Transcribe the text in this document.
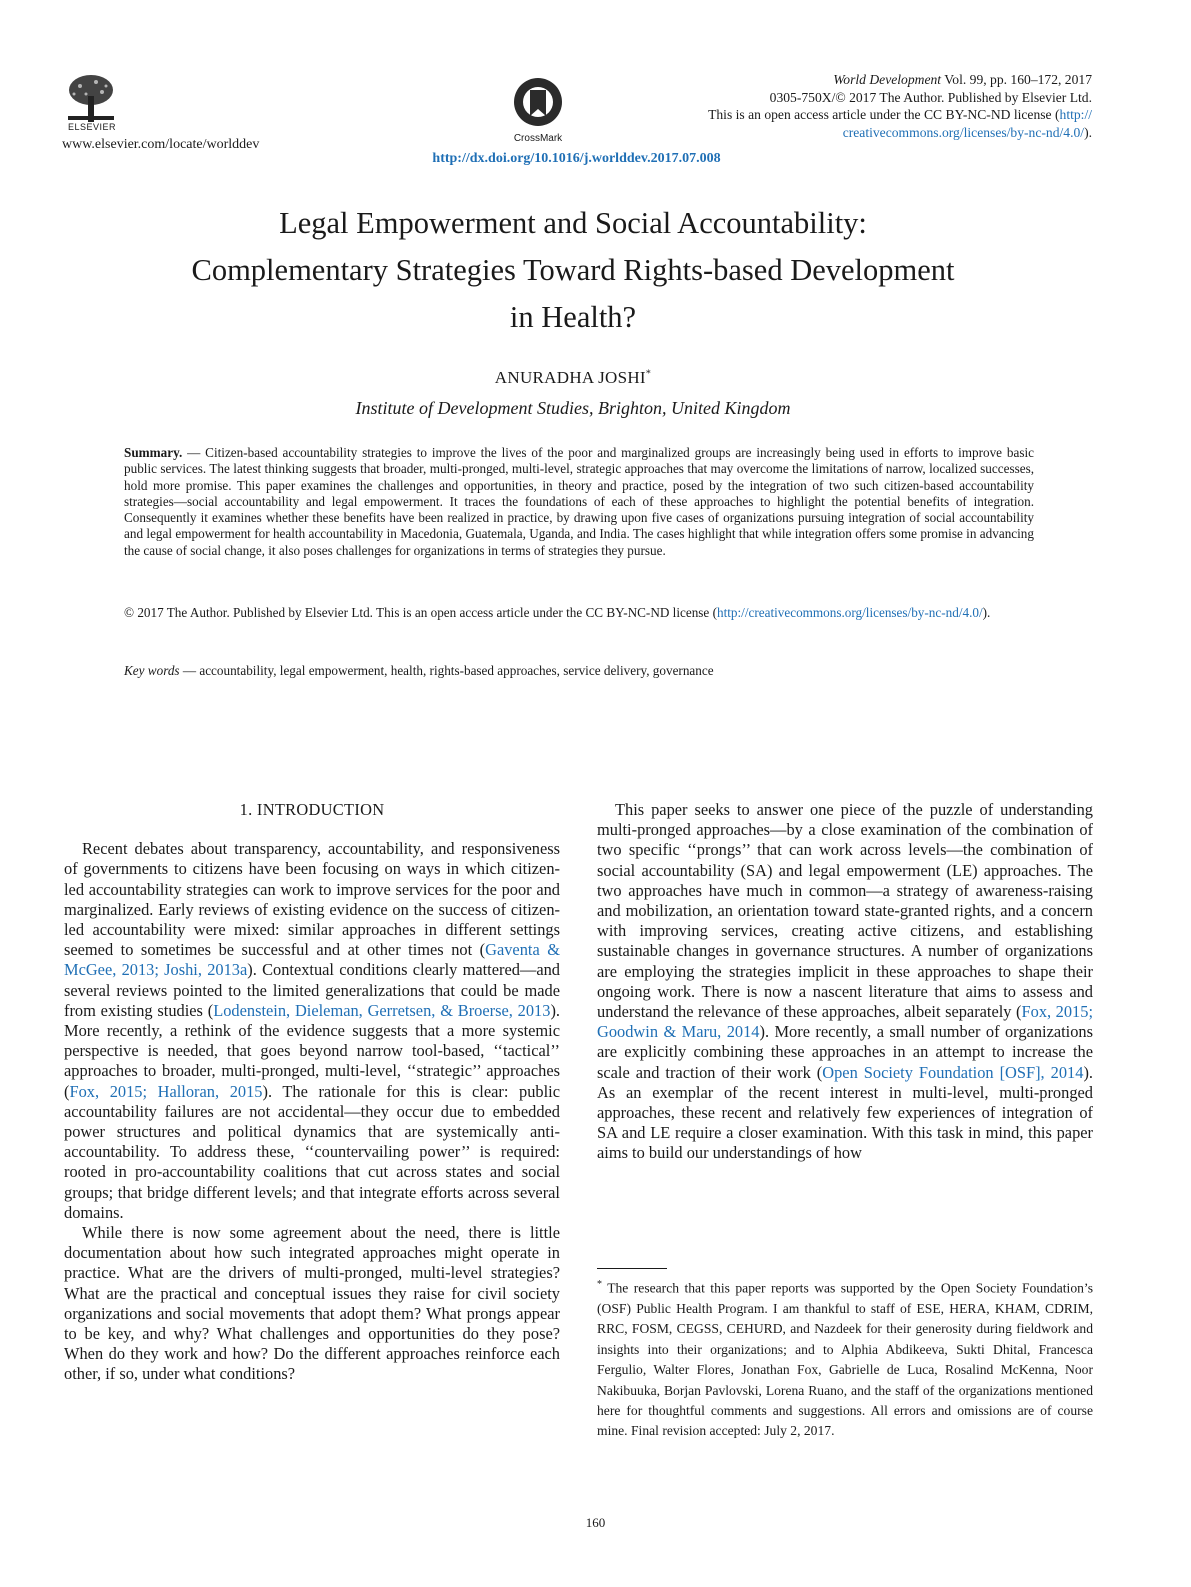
ELSEVIER
www.elsevier.com/locate/worlddev	CrossMark
World Development Vol. 99, pp. 160–172, 2017
0305-750X/© 2017 The Author. Published by Elsevier Ltd.
This is an open access article under the CC BY-NC-ND license (http://
creativecommons.org/licenses/by-nc-nd/4.0/).
http://dx.doi.org/10.1016/j.worlddev.2017.07.008
Legal Empowerment and Social Accountability:
Complementary Strategies Toward Rights-based Development
in Health?
ANURADHA JOSHI*
Institute of Development Studies, Brighton, United Kingdom
Summary. — Citizen-based accountability strategies to improve the lives of the poor and marginalized groups are increasingly being used in efforts to improve basic public services. The latest thinking suggests that broader, multi-pronged, multi-level, strategic approaches that may overcome the limitations of narrow, localized successes, hold more promise. This paper examines the challenges and opportunities, in theory and practice, posed by the integration of two such citizen-based accountability strategies—social accountability and legal empowerment. It traces the foundations of each of these approaches to highlight the potential benefits of integration. Consequently it examines whether these benefits have been realized in practice, by drawing upon five cases of organizations pursuing integration of social accountability and legal empowerment for health accountability in Macedonia, Guatemala, Uganda, and India. The cases highlight that while integration offers some promise in advancing the cause of social change, it also poses challenges for organizations in terms of strategies they pursue.
© 2017 The Author. Published by Elsevier Ltd. This is an open access article under the CC BY-NC-ND license (http://creativecommons.org/licenses/by-nc-nd/4.0/).
Key words — accountability, legal empowerment, health, rights-based approaches, service delivery, governance
1. INTRODUCTION

Recent debates about transparency, accountability, and responsiveness of governments to citizens have been focusing on ways in which citizen-led accountability strategies can work to improve services for the poor and marginalized. Early reviews of existing evidence on the success of citizen-led accountability were mixed: similar approaches in different settings seemed to sometimes be successful and at other times not (Gaventa & McGee, 2013; Joshi, 2013a). Contextual conditions clearly mattered—and several reviews pointed to the limited generalizations that could be made from existing studies (Lodenstein, Dieleman, Gerretsen, & Broerse, 2013). More recently, a rethink of the evidence suggests that a more systemic perspective is needed, that goes beyond narrow tool-based, ‘‘tactical’’ approaches to broader, multi-pronged, multi-level, ‘‘strategic’’ approaches (Fox, 2015; Halloran, 2015). The rationale for this is clear: public accountability failures are not accidental—they occur due to embedded power structures and political dynamics that are systemically anti-accountability. To address these, ‘‘countervailing power’’ is required: rooted in pro-accountability coalitions that cut across states and social groups; that bridge different levels; and that integrate efforts across several domains.

While there is now some agreement about the need, there is little documentation about how such integrated approaches might operate in practice. What are the drivers of multi-pronged, multi-level strategies? What are the practical and conceptual issues they raise for civil society organizations and social movements that adopt them? What prongs appear to be key, and why? What challenges and opportunities do they pose? When do they work and how? Do the different approaches reinforce each other, if so, under what conditions?

This paper seeks to answer one piece of the puzzle of understanding multi-pronged approaches—by a close examination of the combination of two specific ‘‘prongs’’ that can work across levels—the combination of social accountability (SA) and legal empowerment (LE) approaches. The two approaches have much in common—a strategy of awareness-raising and mobilization, an orientation toward state-granted rights, and a concern with improving services, creating active citizens, and establishing sustainable changes in governance structures. A number of organizations are employing the strategies implicit in these approaches to shape their ongoing work. There is now a nascent literature that aims to assess and understand the relevance of these approaches, albeit separately (Fox, 2015; Goodwin & Maru, 2014). More recently, a small number of organizations are explicitly combining these approaches in an attempt to increase the scale and traction of their work (Open Society Foundation [OSF], 2014). As an exemplar of the recent interest in multi-level, multi-pronged approaches, these recent and relatively few experiences of integration of SA and LE require a closer examination. With this task in mind, this paper aims to build our understandings of how

* The research that this paper reports was supported by the Open Society Foundation’s (OSF) Public Health Program. I am thankful to staff of ESE, HERA, KHAM, CDRIM, RRC, FOSM, CEGSS, CEHURD, and Nazdeek for their generosity during fieldwork and insights into their organizations; and to Alphia Abdikeeva, Sukti Dhital, Francesca Fergulio, Walter Flores, Jonathan Fox, Gabrielle de Luca, Rosalind McKenna, Noor Nakibuuka, Borjan Pavlovski, Lorena Ruano, and the staff of the organizations mentioned here for thoughtful comments and suggestions. All errors and omissions are of course mine. Final revision accepted: July 2, 2017.
160
